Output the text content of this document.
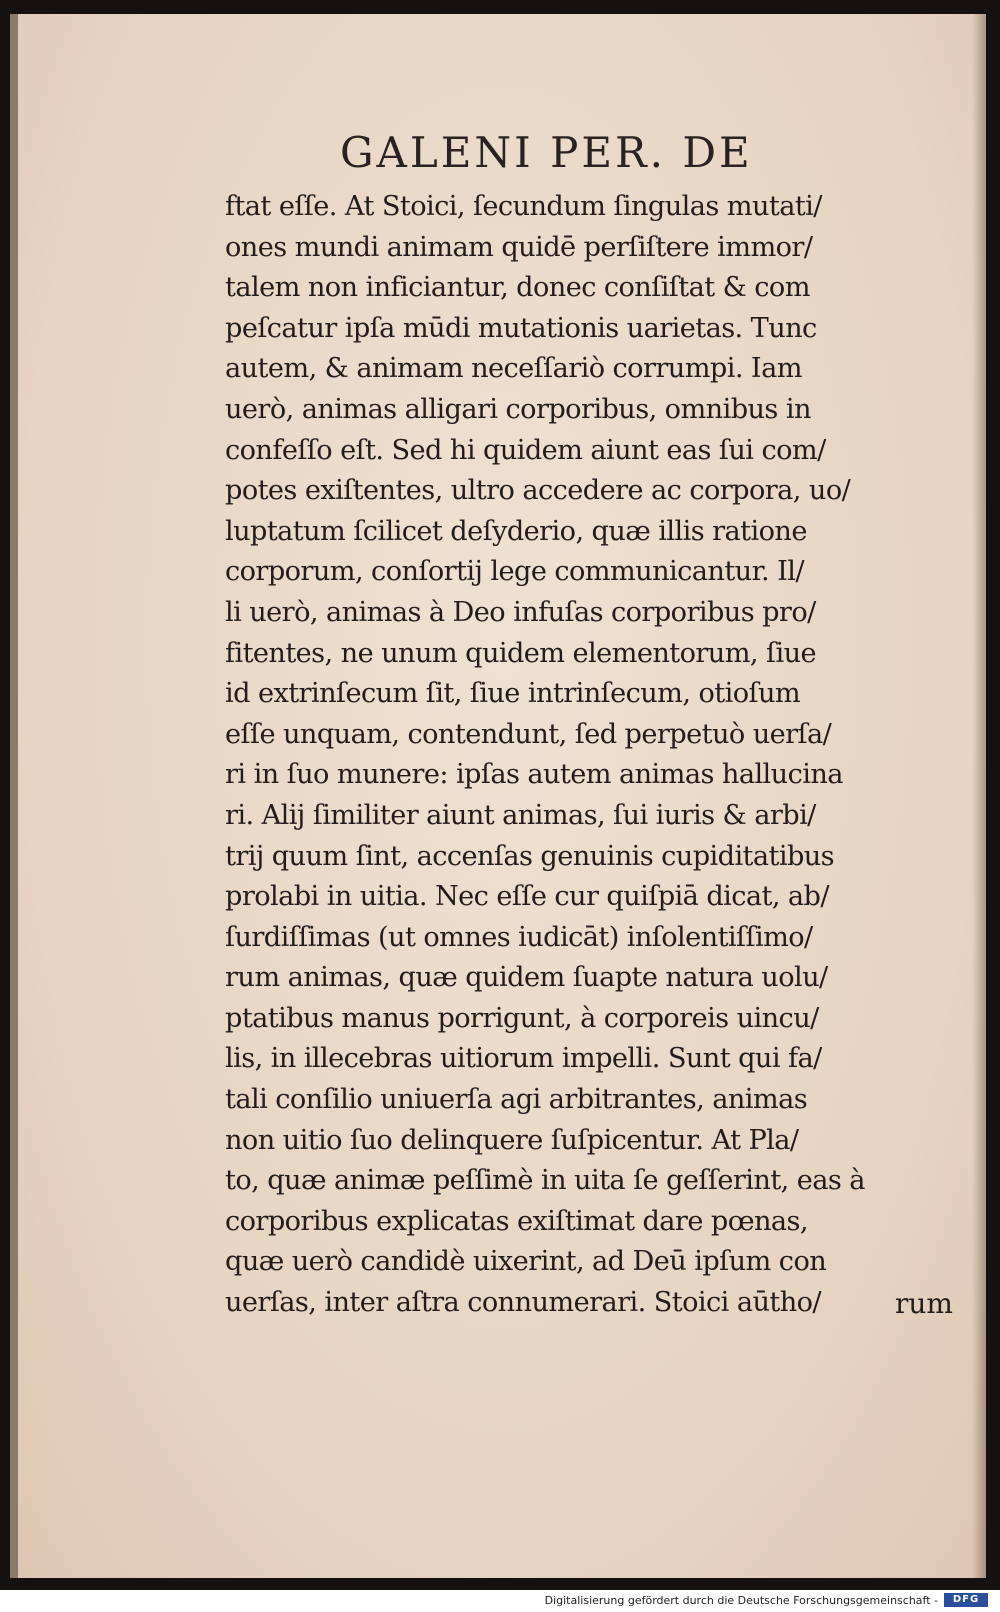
GALENI PER. DE
ftat eſſe. At Stoici, ſecundum ſingulas mutati/
ones mundi animam quidē perſiſtere immor/
talem non inficiantur, donec conſiſtat & com
peſcatur ipſa mūdi mutationis uarietas. Tunc
autem, & animam neceſſariò corrumpi. Iam
uerò, animas alligari corporibus, omnibus in
confeſſo eſt. Sed hi quidem aiunt eas ſui com/
potes exiſtentes, ultro accedere ac corpora, uo/
luptatum ſcilicet deſyderio, quæ illis ratione
corporum, conſortij lege communicantur. Il/
li uerò, animas à Deo infuſas corporibus pro/
fitentes, ne unum quidem elementorum, ſiue
id extrinſecum ſit, ſiue intrinſecum, otioſum
eſſe unquam, contendunt, ſed perpetuò uerſa/
ri in ſuo munere: ipſas autem animas hallucina
ri. Alij ſimiliter aiunt animas, ſui iuris & arbi/
trij quum ſint, accenſas genuinis cupiditatibus
prolabi in uitia. Nec eſſe cur quiſpiā dicat, ab/
ſurdiſſimas (ut omnes iudicāt) inſolentiſſimo/
rum animas, quæ quidem ſuapte natura uolu/
ptatibus manus porrigunt, à corporeis uincu/
lis, in illecebras uitiorum impelli. Sunt qui fa/
tali conſilio uniuerſa agi arbitrantes, animas
non uitio ſuo delinquere ſuſpicentur. At Pla/
to, quæ animæ peſſimè in uita ſe geſſerint, eas à
corporibus explicatas exiſtimat dare pœnas,
quæ uerò candidè uixerint, ad Deū ipſum con
uerſas, inter aſtra connumerari. Stoici aūtho/	rum
Digitalisierung gefördert durch die Deutsche Forschungsgemeinschaft -	DFG
